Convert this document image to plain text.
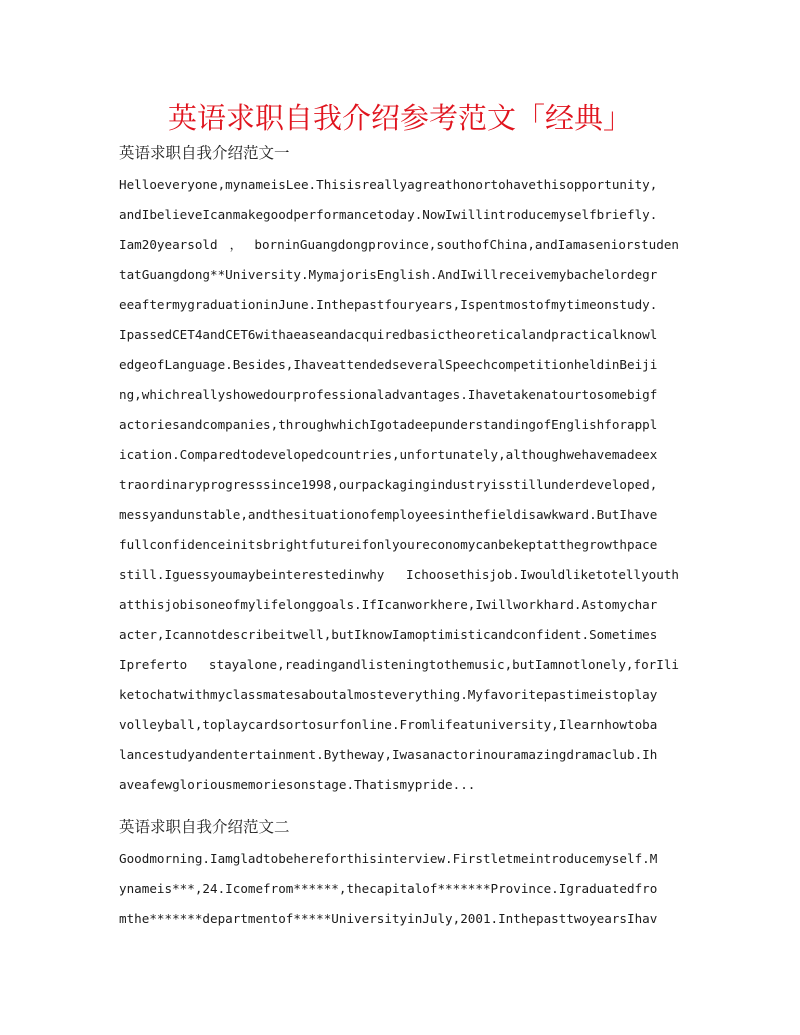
英语求职自我介绍参考范文「经典」
英语求职自我介绍范文一
Helloeveryone,mynameisLee.Thisisreallyagreathonortohavethisopportunity,
andIbelieveIcanmakegoodperformancetoday.NowIwillintroducemyselfbriefly.
Iam20yearsold，borninGuangdongprovince,southofChina,andIamaseniorstuden
tatGuangdong**University.MymajorisEnglish.AndIwillreceivemybachelordegr
eeaftermygraduationinJune.Inthepastfouryears,Ispentmostofmytimeonstudy.
IpassedCET4andCET6withaeaseandacquiredbasictheoreticalandpracticalknowl
edgeofLanguage.Besides,IhaveattendedseveralSpeechcompetitionheldinBeiji
ng,whichreallyshowedourprofessionaladvantages.Ihavetakenatourtosomebigf
actoriesandcompanies,throughwhichIgotadeepunderstandingofEnglishforappl
ication.Comparedtodevelopedcountries,unfortunately,althoughwehavemadeex
traordinaryprogresssince1998,ourpackagingindustryisstillunderdeveloped,
messyandunstable,andthesituationofemployeesinthefieldisawkward.ButIhave
fullconfidenceinitsbrightfutureifonlyoureconomycanbekeptatthegrowthpace
still.Iguessyoumaybeinterestedinwhy Ichoosethisjob.Iwouldliketotellyouth
atthisjobisoneofmylifelonggoals.IfIcanworkhere,Iwillworkhard.Astomychar
acter,Icannotdescribeitwell,butIknowIamoptimisticandconfident.Sometimes
Ipreferto stayalone,readingandlisteningtothemusic,butIamnotlonely,forIli
ketochatwithmyclassmatesaboutalmosteverything.Myfavoritepastimeistoplay
volleyball,toplaycardsortosurfonline.Fromlifeatuniversity,Ilearnhowtoba
lancestudyandentertainment.Bytheway,Iwasanactorinouramazingdramaclub.Ih
aveafewgloriousmemoriesonstage.Thatismypride...
英语求职自我介绍范文二
Goodmorning.Iamgladtobehereforthisinterview.Firstletmeintroducemyself.M
ynameis***,24.Icomefrom******,thecapitalof*******Province.Igraduatedfro
mthe*******departmentof*****UniversityinJuly,2001.InthepasttwoyearsIhav
